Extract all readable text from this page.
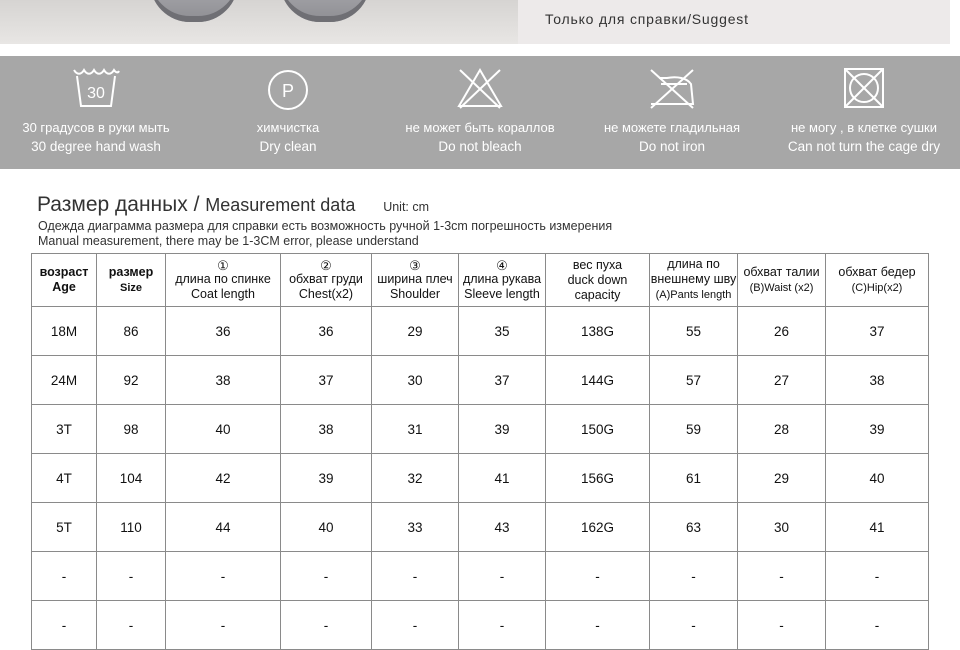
Только для справки/Suggest
30
30 градусов в руки мыть
30 degree hand wash
P
химчистка
Dry clean
не может быть кораллов
Do not bleach
не можете гладильная
Do not iron
не могу , в клетке сушки
Can not turn the cage dry
Размер данных / Measurement data Unit: cm
Одежда диаграмма размера для справки есть возможность ручной 1-3cm погрешность измерения
Manual measurement, there may be 1-3CM error, please understand
возраст
Age	размер
Size	①
длина по спинке
Coat length	②
обхват груди
Chest(x2)	③
ширина плеч
Shoulder	④
длина рукава
Sleeve length	вес пуха
duck down
capacity	длина по
внешнему шву
(A)Pants length	обхват талии
(B)Waist (x2)	обхват бедер
(C)Hip(x2)
18M	86	36	36	29	35	138G	55	26	37
24M	92	38	37	30	37	144G	57	27	38
3T	98	40	38	31	39	150G	59	28	39
4T	104	42	39	32	41	156G	61	29	40
5T	110	44	40	33	43	162G	63	30	41
-	-	-	-	-	-	-	-	-	-
-	-	-	-	-	-	-	-	-	-
